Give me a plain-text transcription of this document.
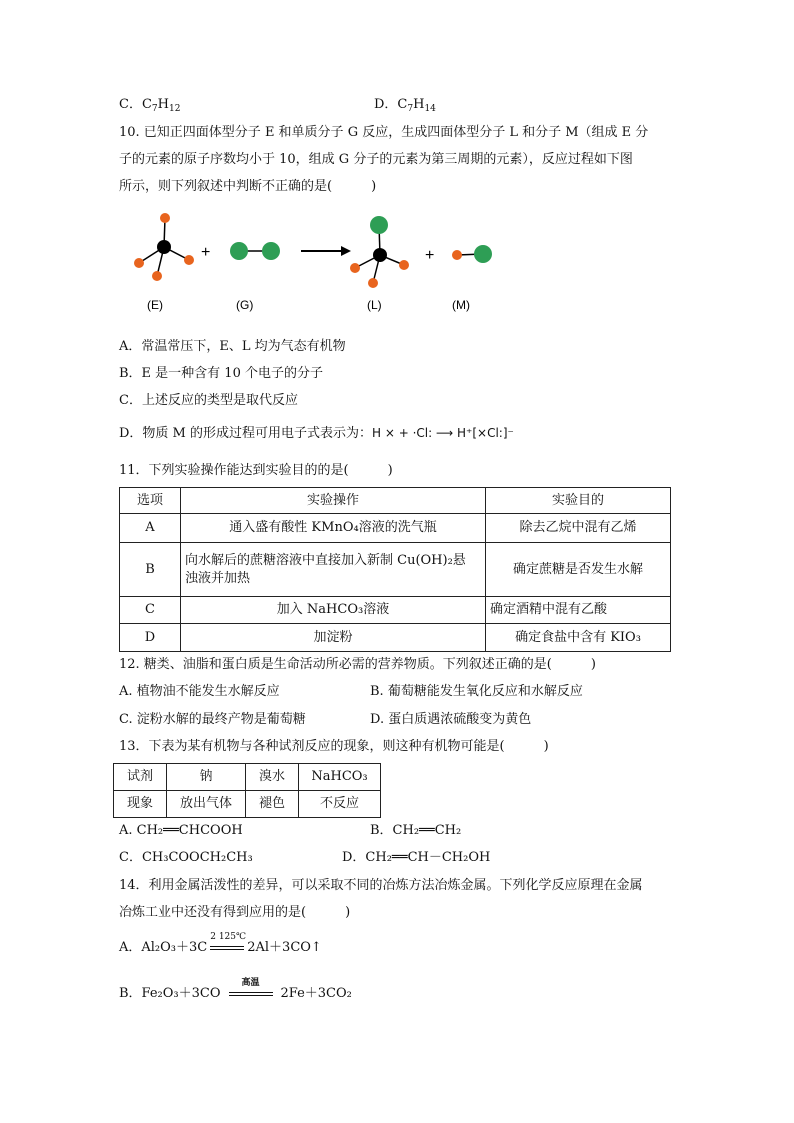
C．$C_7H_{12}$	D．$C_7H_{14}$
10. 已知正四面体型分子 E 和单质分子 G 反应，生成四面体型分子 L 和分子 M（组成 E 分
子的元素的原子序数均小于 10，组成 G 分子的元素为第三周期的元素），反应过程如下图
所示，则下列叙述中判断不正确的是(　　　)
+	+
(E)	(G)	(L)	(M)
A．常温常压下，E、L 均为气态有机物
B．E 是一种含有 10 个电子的分子
C．上述反应的类型是取代反应
D．物质 M 的形成过程可用电子式表示为：H × + ·Cl: ⟶ H⁺[×Cl:]⁻
11．下列实验操作能达到实验目的的是(　　　)
选项	实验操作	实验目的
A	通入盛有酸性 KMnO₄溶液的洗气瓶	除去乙烷中混有乙烯
B	向水解后的蔗糖溶液中直接加入新制 Cu(OH)₂悬
浊液并加热	确定蔗糖是否发生水解
C	加入 NaHCO₃溶液	确定酒精中混有乙酸
D	加淀粉	确定食盐中含有 KIO₃
12. 糖类、油脂和蛋白质是生命活动所必需的营养物质。下列叙述正确的是(　　　)
A. 植物油不能发生水解反应	B. 葡萄糖能发生氧化反应和水解反应
C. 淀粉水解的最终产物是葡萄糖	D. 蛋白质遇浓硫酸变为黄色
13．下表为某有机物与各种试剂反应的现象，则这种有机物可能是(　　　)
试剂	钠	溴水	NaHCO₃
现象	放出气体	褪色	不反应
A. CH₂══CHCOOH	B．CH₂══CH₂
C．CH₃COOCH₂CH₃	D．CH₂══CH－CH₂OH
14．利用金属活泼性的差异，可以采取不同的冶炼方法冶炼金属。下列化学反应原理在金属
冶炼工业中还没有得到应用的是(　　　)
A．Al₂O₃＋3C
2 125℃
2Al＋3CO↑
B．Fe₂O₃＋3CO
高温
2Fe＋3CO₂
